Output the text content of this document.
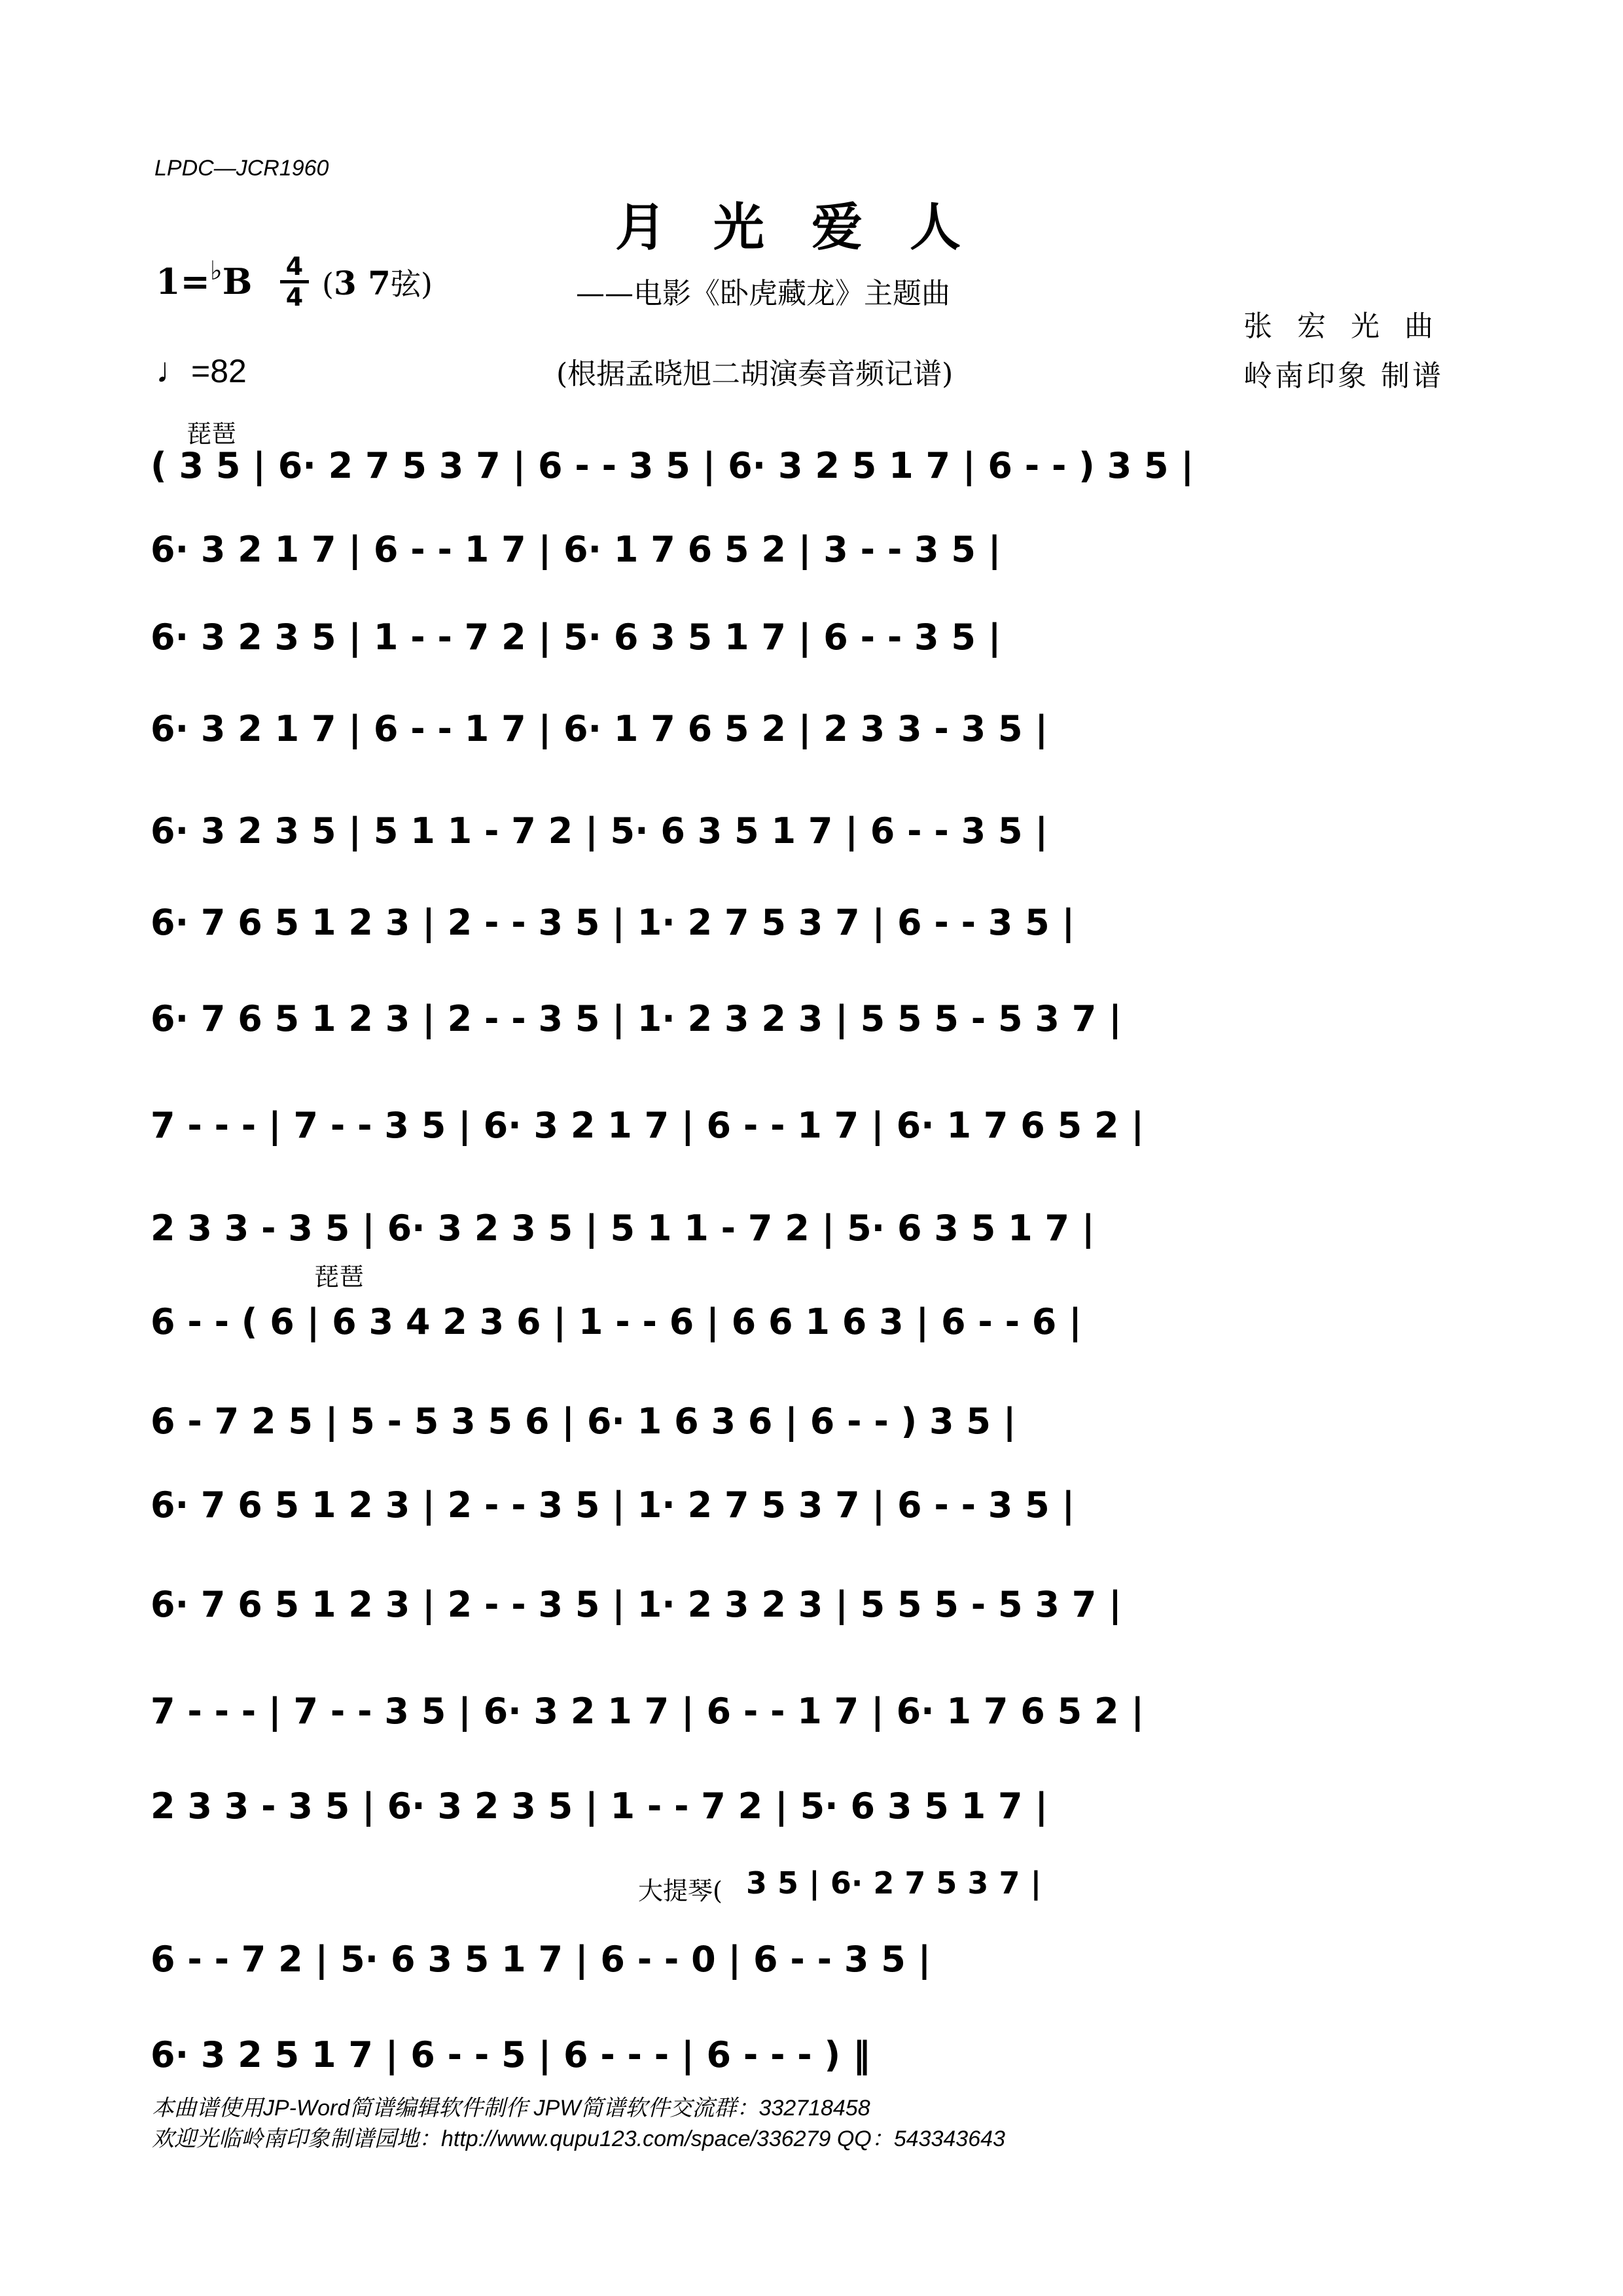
LPDC—JCR1960
月光爱人
——电影《卧虎藏龙》主题曲
(根据孟晓旭二胡演奏音频记谱)
张 宏 光 曲
岭南印象 制谱
1=♭B 4
4 (3 7弦)
♩=82
琵琶
琵琶
大提琴(
( 3 5 | 6· 2 7 5 3 7 | 6 - - 3 5 | 6· 3 2 5 1 7 | 6 - - ) 3 5 |
6· 3 2 1 7 | 6 - - 1 7 | 6· 1 7 6 5 2 | 3 - - 3 5 |
6· 3 2 3 5 | 1 - - 7 2 | 5· 6 3 5 1 7 | 6 - - 3 5 |
6· 3 2 1 7 | 6 - - 1 7 | 6· 1 7 6 5 2 | 2 3 3 - 3 5 |
6· 3 2 3 5 | 5 1 1 - 7 2 | 5· 6 3 5 1 7 | 6 - - 3 5 |
6· 7 6 5 1 2 3 | 2 - - 3 5 | 1· 2 7 5 3 7 | 6 - - 3 5 |
6· 7 6 5 1 2 3 | 2 - - 3 5 | 1· 2 3 2 3 | 5 5 5 - 5 3 7 |
7 - - - | 7 - - 3 5 | 6· 3 2 1 7 | 6 - - 1 7 | 6· 1 7 6 5 2 |
2 3 3 - 3 5 | 6· 3 2 3 5 | 5 1 1 - 7 2 | 5· 6 3 5 1 7 |
6 - - ( 6 | 6 3 4 2 3 6 | 1 - - 6 | 6 6 1 6 3 | 6 - - 6 |
6 - 7 2 5 | 5 - 5 3 5 6 | 6· 1 6 3 6 | 6 - - ) 3 5 |
6· 7 6 5 1 2 3 | 2 - - 3 5 | 1· 2 7 5 3 7 | 6 - - 3 5 |
6· 7 6 5 1 2 3 | 2 - - 3 5 | 1· 2 3 2 3 | 5 5 5 - 5 3 7 |
7 - - - | 7 - - 3 5 | 6· 3 2 1 7 | 6 - - 1 7 | 6· 1 7 6 5 2 |
2 3 3 - 3 5 | 6· 3 2 3 5 | 1 - - 7 2 | 5· 6 3 5 1 7 |
3 5 | 6· 2 7 5 3 7 |
6 - - 7 2 | 5· 6 3 5 1 7 | 6 - - 0 | 6 - - 3 5 |
6· 3 2 5 1 7 | 6 - - 5 | 6 - - - | 6 - - - ) ‖
本曲谱使用JP-Word简谱编辑软件制作 JPW简谱软件交流群：332718458
欢迎光临岭南印象制谱园地：http://www.qupu123.com/space/336279 QQ：543343643
